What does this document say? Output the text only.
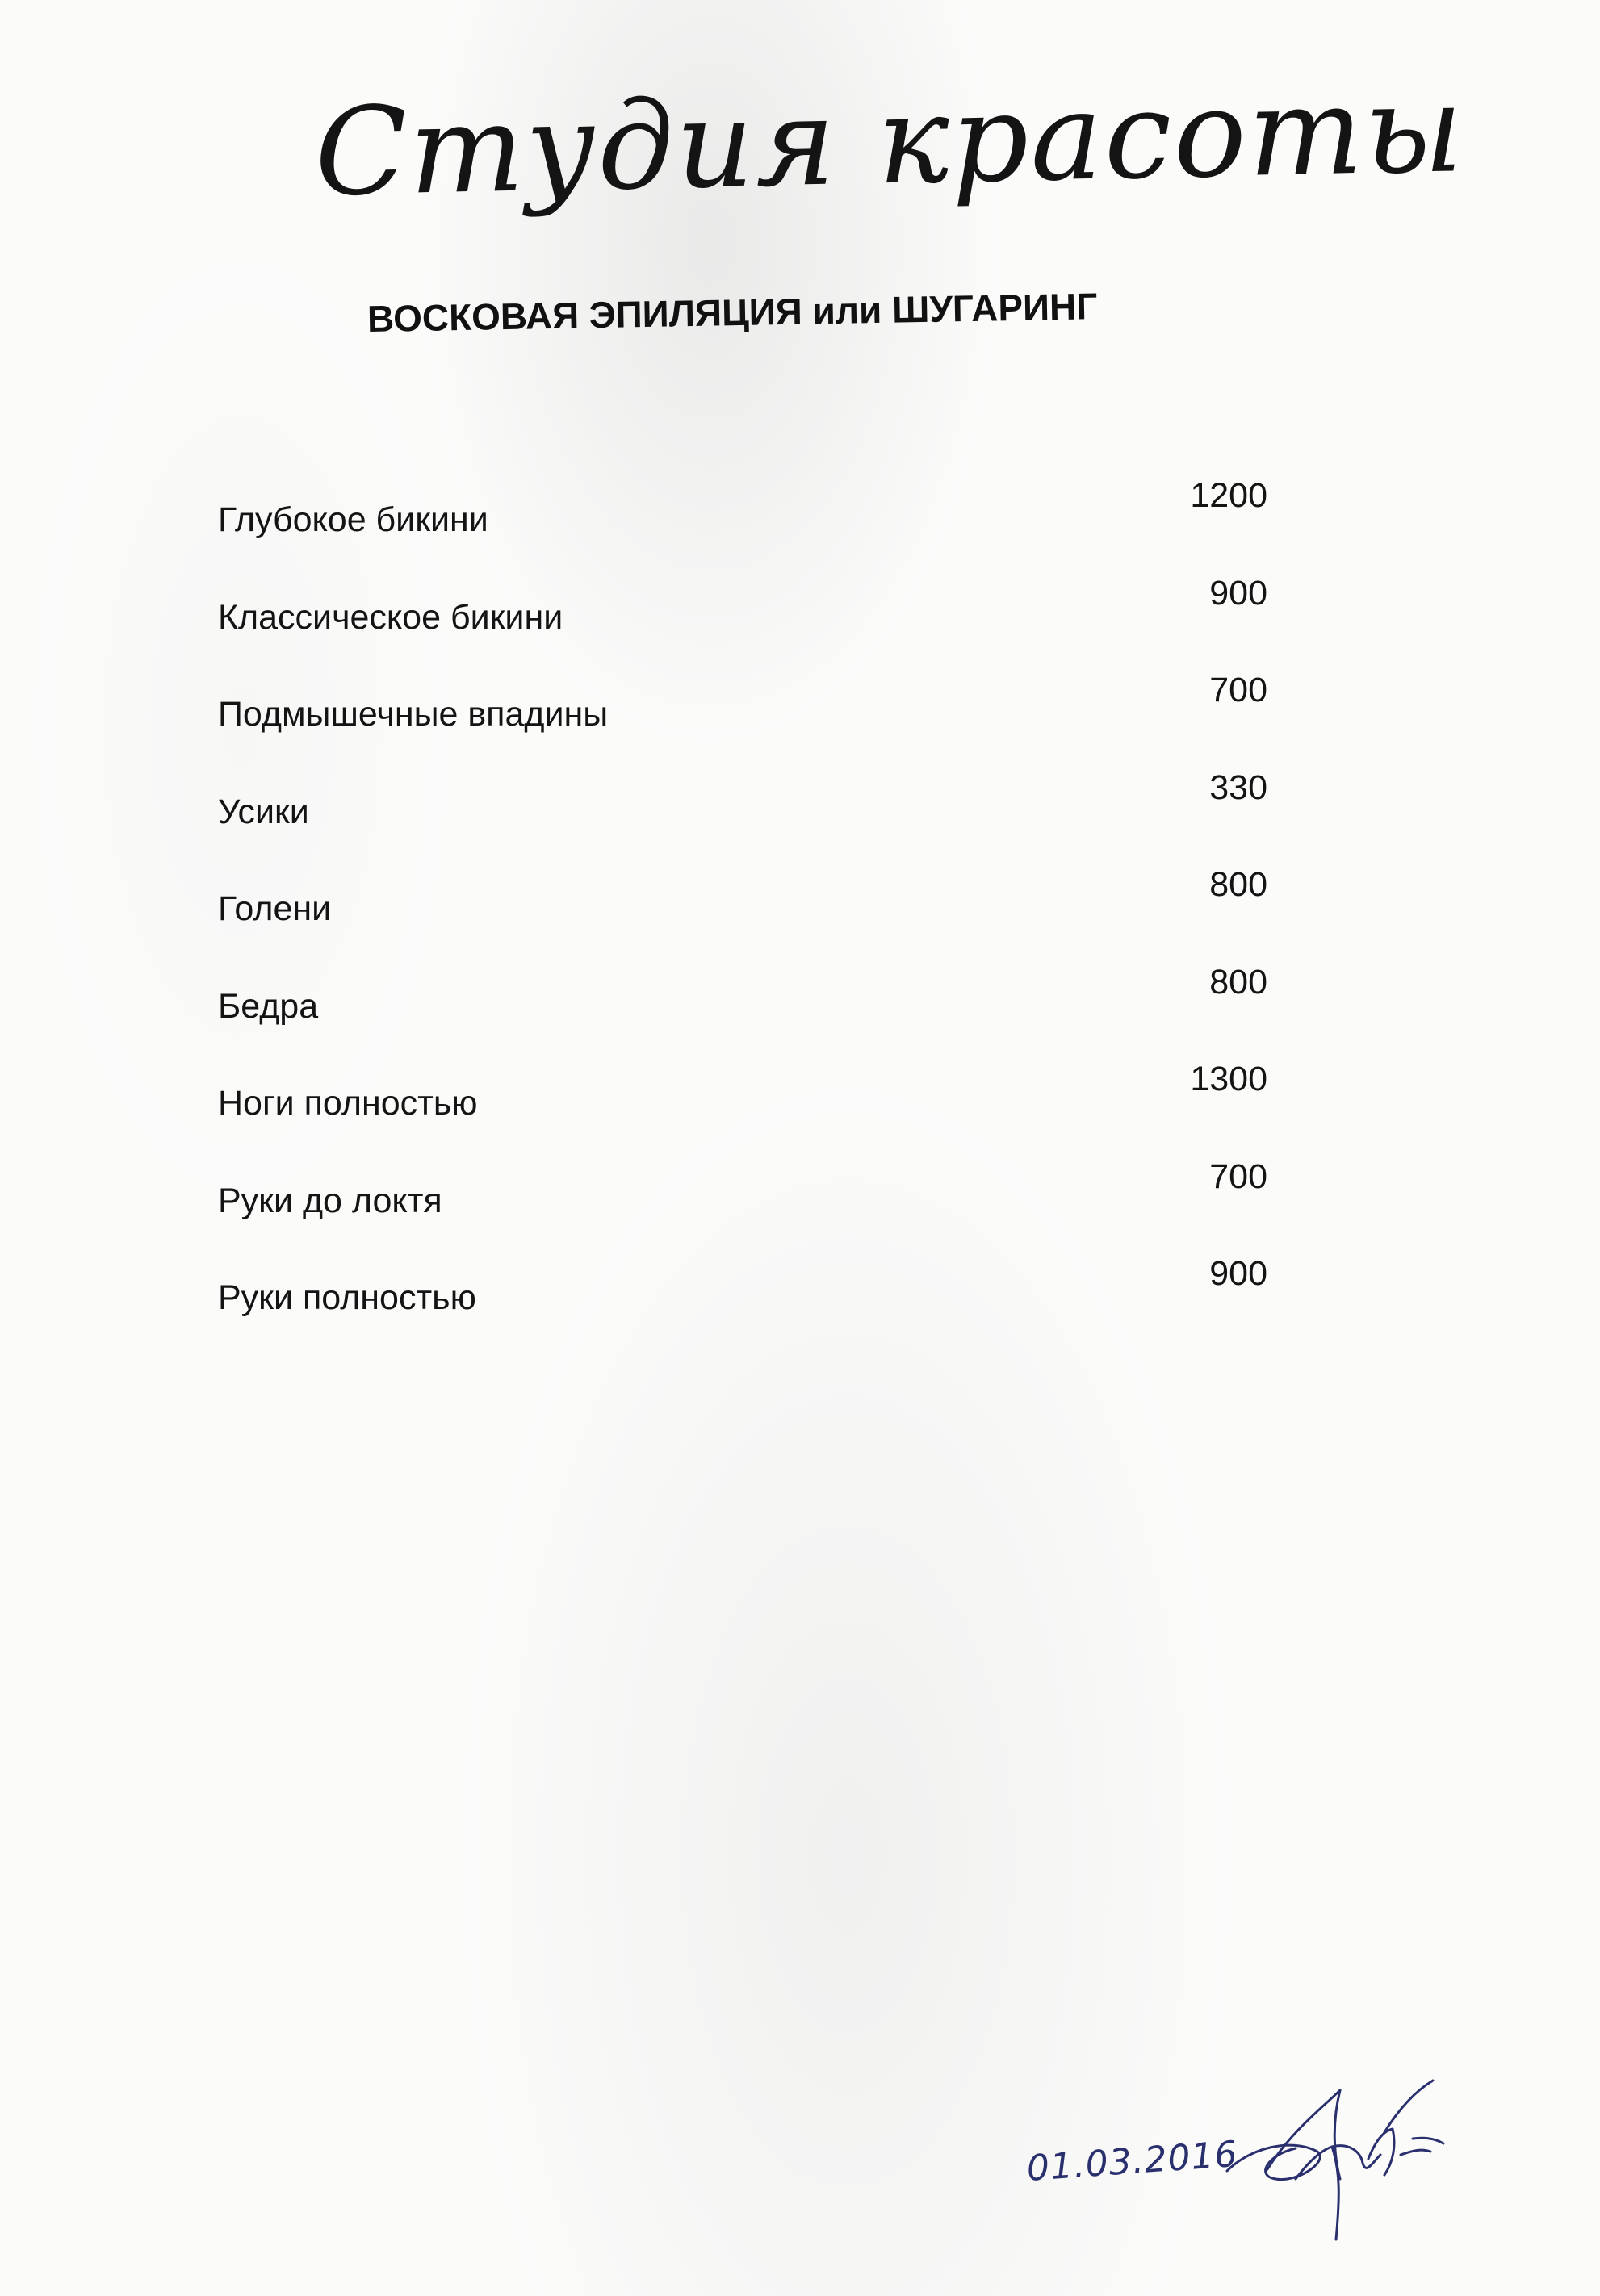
Студия красоты
ВОСКОВАЯ ЭПИЛЯЦИЯ или ШУГАРИНГ
Глубокое бикини
1200
Классическое бикини
900
Подмышечные впадины
700
Усики
330
Голени
800
Бедра
800
Ноги полностью
1300
Руки до локтя
700
Руки полностью
900
01.03.2016
